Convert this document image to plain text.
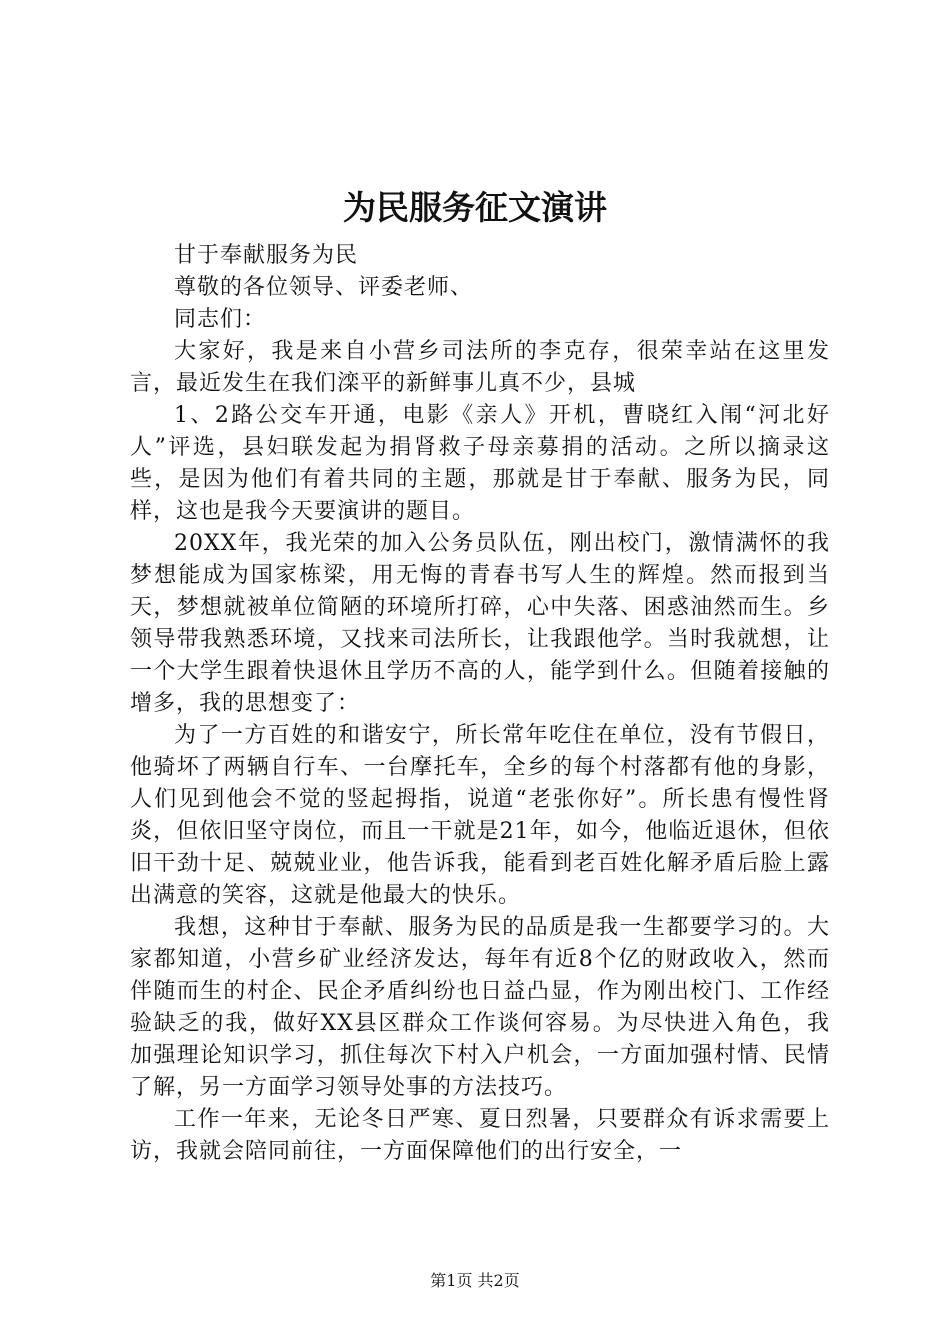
为民服务征文演讲

甘于奉献服务为民

尊敬的各位领导、评委老师、

同志们：

大家好，我是来自小营乡司法所的李克存，很荣幸站在这里发言，最近发生在我们滦平的新鲜事儿真不少，县城

1、2路公交车开通，电影《亲人》开机，曹晓红入闱“河北好人”评选，县妇联发起为捐肾救子母亲募捐的活动。之所以摘录这些，是因为他们有着共同的主题，那就是甘于奉献、服务为民，同样，这也是我今天要演讲的题目。

20XX年，我光荣的加入公务员队伍，刚出校门，激情满怀的我梦想能成为国家栋梁，用无悔的青春书写人生的辉煌。然而报到当天，梦想就被单位简陋的环境所打碎，心中失落、困惑油然而生。乡领导带我熟悉环境，又找来司法所长，让我跟他学。当时我就想，让一个大学生跟着快退休且学历不高的人，能学到什么。但随着接触的增多，我的思想变了：

为了一方百姓的和谐安宁，所长常年吃住在单位，没有节假日，他骑坏了两辆自行车、一台摩托车，全乡的每个村落都有他的身影，人们见到他会不觉的竖起拇指，说道“老张你好”。所长患有慢性肾炎，但依旧坚守岗位，而且一干就是21年，如今，他临近退休，但依旧干劲十足、兢兢业业，他告诉我，能看到老百姓化解矛盾后脸上露出满意的笑容，这就是他最大的快乐。

我想，这种甘于奉献、服务为民的品质是我一生都要学习的。大家都知道，小营乡矿业经济发达，每年有近8个亿的财政收入，然而伴随而生的村企、民企矛盾纠纷也日益凸显，作为刚出校门、工作经验缺乏的我，做好XX县区群众工作谈何容易。为尽快进入角色，我加强理论知识学习，抓住每次下村入户机会，一方面加强村情、民情了解，另一方面学习领导处事的方法技巧。

工作一年来，无论冬日严寒、夏日烈暑，只要群众有诉求需要上访，我就会陪同前往，一方面保障他们的出行安全，一

第1页 共2页
